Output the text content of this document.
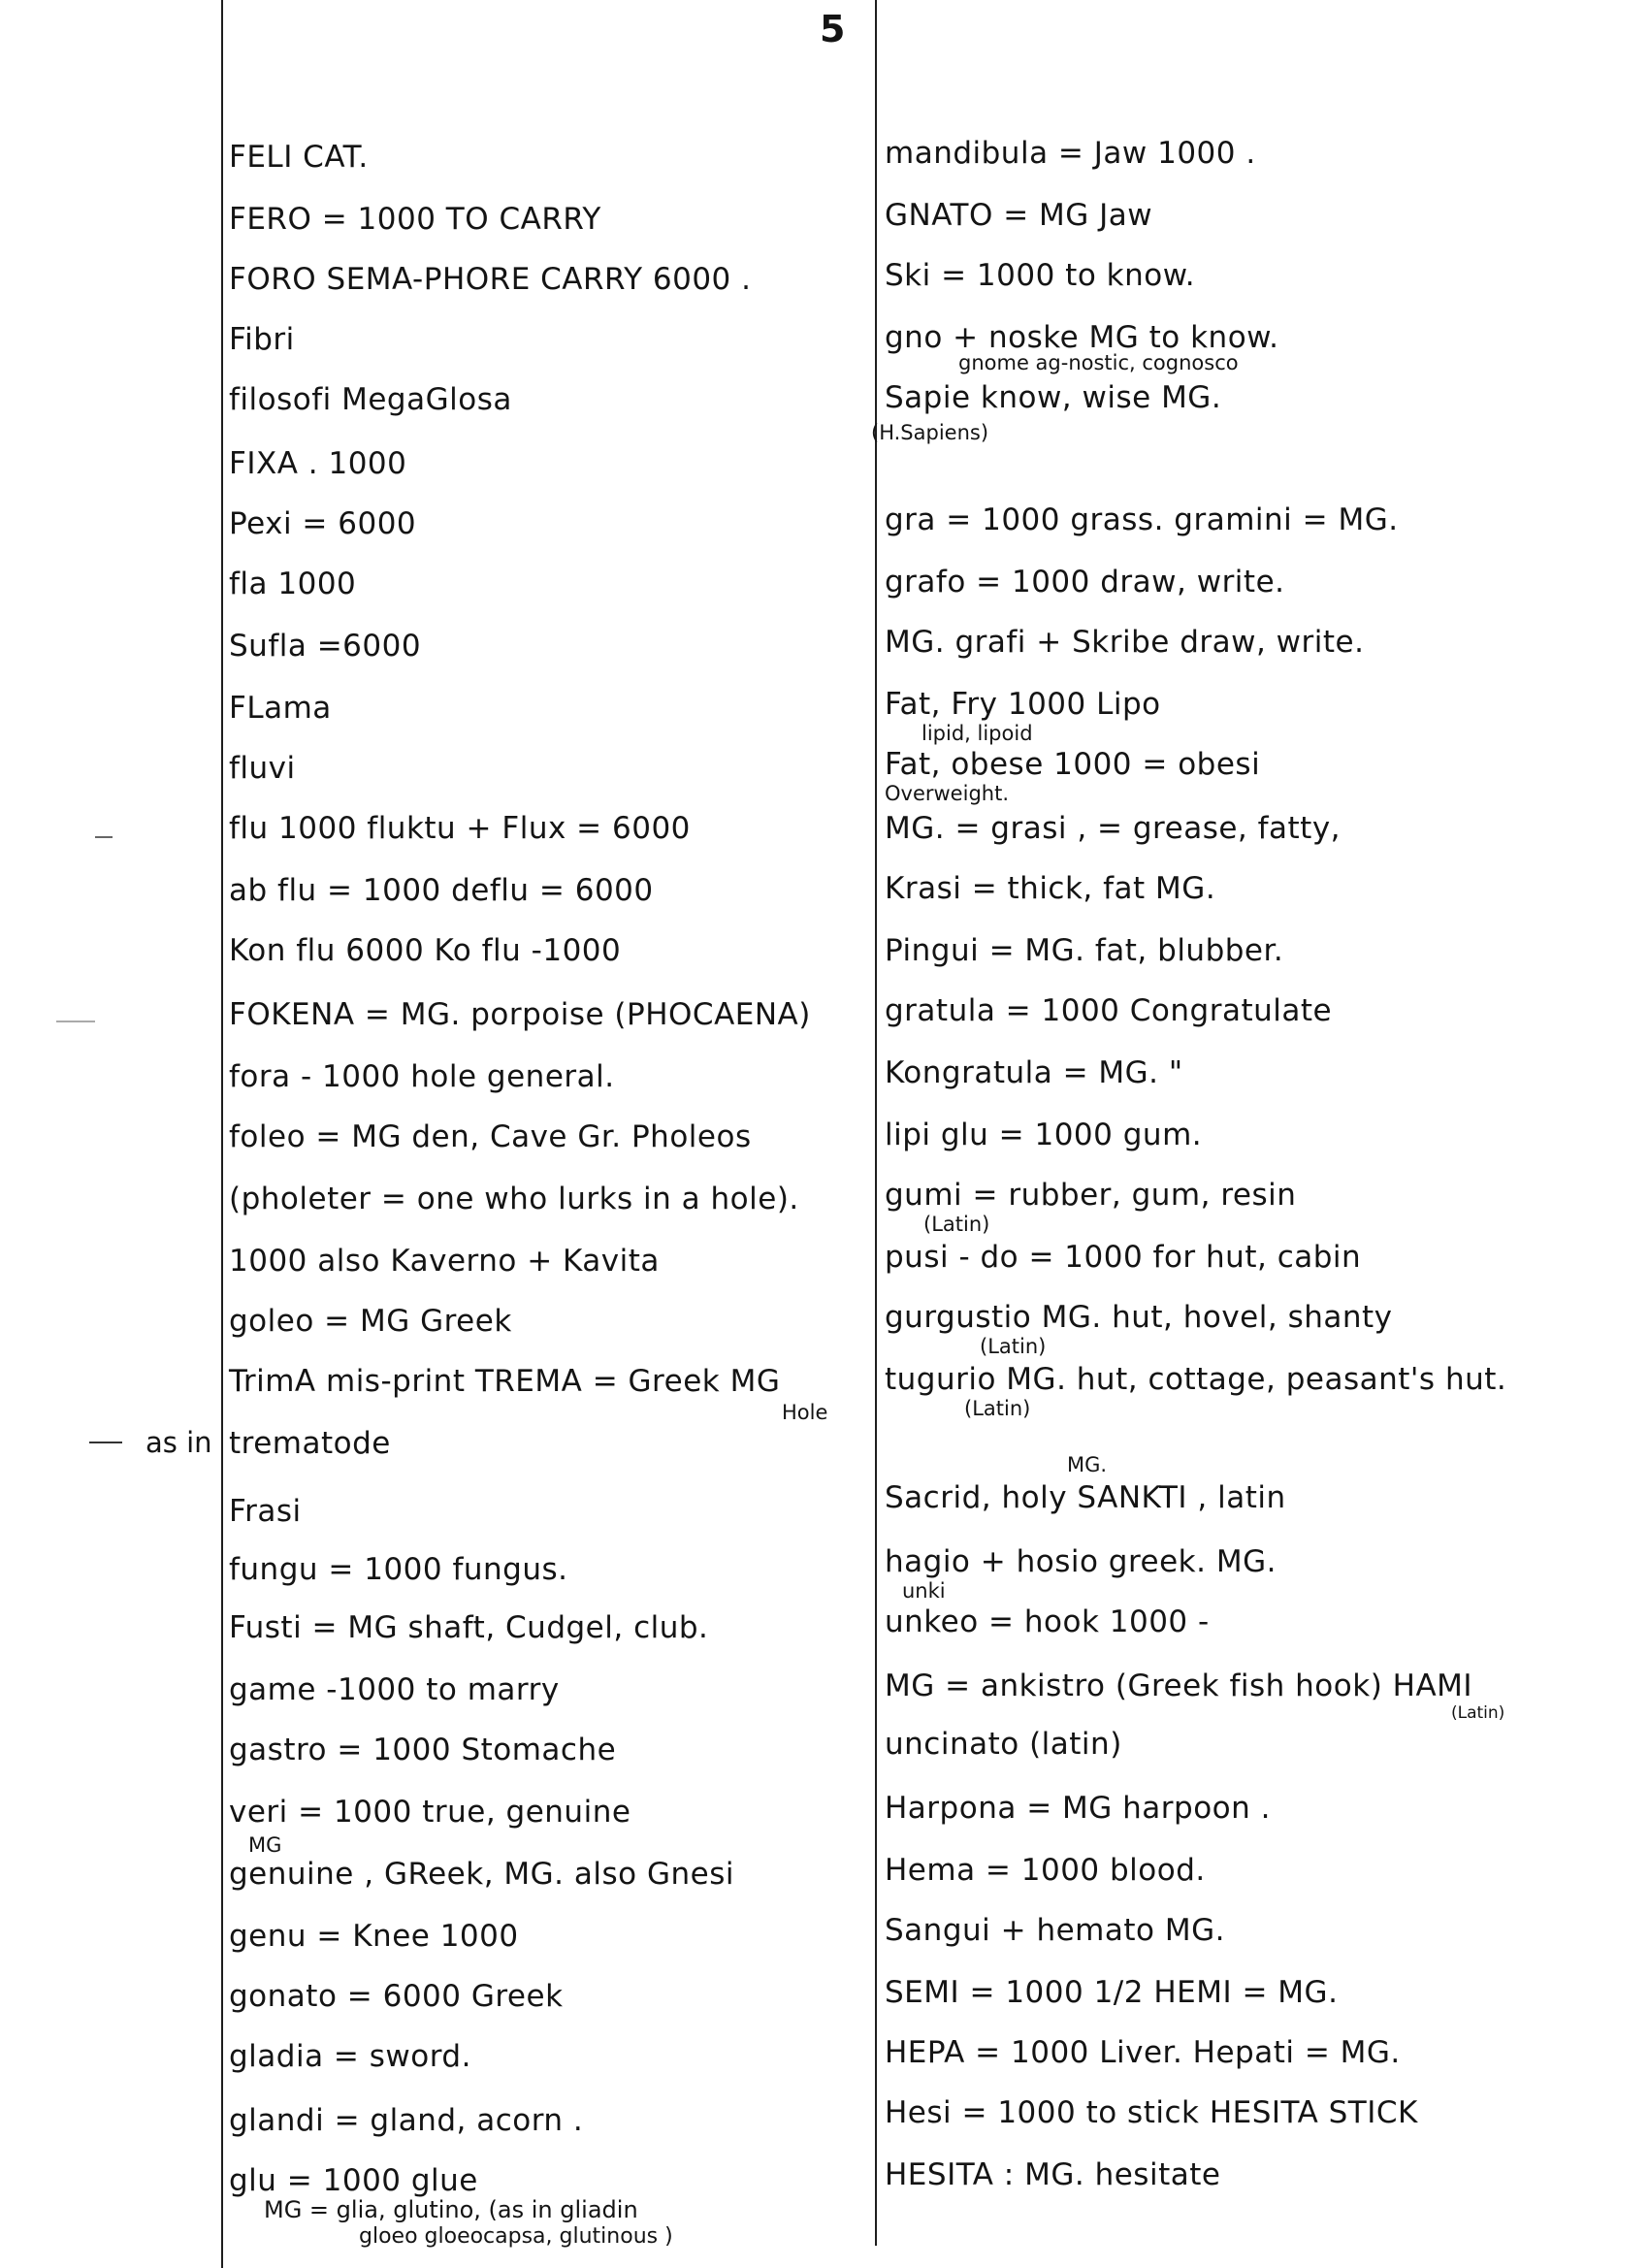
5
as in
FELI CAT.
FERO = 1000 TO CARRY
FORO SEMA-PHORE CARRY 6000 .
Fibri
filosofi MegaGlosa
FIXA . 1000
Pexi = 6000
fla 1000
Sufla =6000
FLama
fluvi
flu 1000 fluktu + Flux = 6000
ab flu = 1000 deflu = 6000
Kon flu 6000 Ko flu -1000
FOKENA = MG. porpoise (PHOCAENA)
fora - 1000 hole general.
foleo = MG den, Cave Gr. Pholeos
(pholeter = one who lurks in a hole).
1000 also Kaverno + Kavita
goleo = MG Greek
TrimA mis-print TREMA = Greek MG
Hole
trematode
Frasi
fungu = 1000 fungus.
Fusti = MG shaft, Cudgel, club.
game -1000 to marry
gastro = 1000 Stomache
veri = 1000 true, genuine
MG
genuine , GReek, MG. also Gnesi
genu = Knee 1000
gonato = 6000 Greek
gladia = sword.
glandi = gland, acorn .
glu = 1000 glue
MG = glia, glutino, (as in gliadin
gloeo gloeocapsa, glutinous )
mandibula = Jaw 1000 .
GNATO = MG Jaw
Ski = 1000 to know.
gno + noske MG to know.
gnome ag-nostic, cognosco
Sapie know, wise MG.
(H.Sapiens)
gra = 1000 grass. gramini = MG.
grafo = 1000 draw, write.
MG. grafi + Skribe draw, write.
Fat, Fry 1000 Lipo
lipid, lipoid
Fat, obese 1000 = obesi
Overweight.
MG. = grasi , = grease, fatty,
Krasi = thick, fat MG.
Pingui = MG. fat, blubber.
gratula = 1000 Congratulate
Kongratula = MG. "
lipi glu = 1000 gum.
gumi = rubber, gum, resin
(Latin)
pusi - do = 1000 for hut, cabin
gurgustio MG. hut, hovel, shanty
(Latin)
tugurio MG. hut, cottage, peasant's hut.
(Latin)
MG.
Sacrid, holy SANKTI , latin
hagio + hosio greek. MG.
unki
unkeo = hook 1000 -
MG = ankistro (Greek fish hook) HAMI
(Latin)
uncinato (latin)
Harpona = MG harpoon .
Hema = 1000 blood.
Sangui + hemato MG.
SEMI = 1000 1/2 HEMI = MG.
HEPA = 1000 Liver. Hepati = MG.
Hesi = 1000 to stick HESITA STICK
HESITA : MG. hesitate
